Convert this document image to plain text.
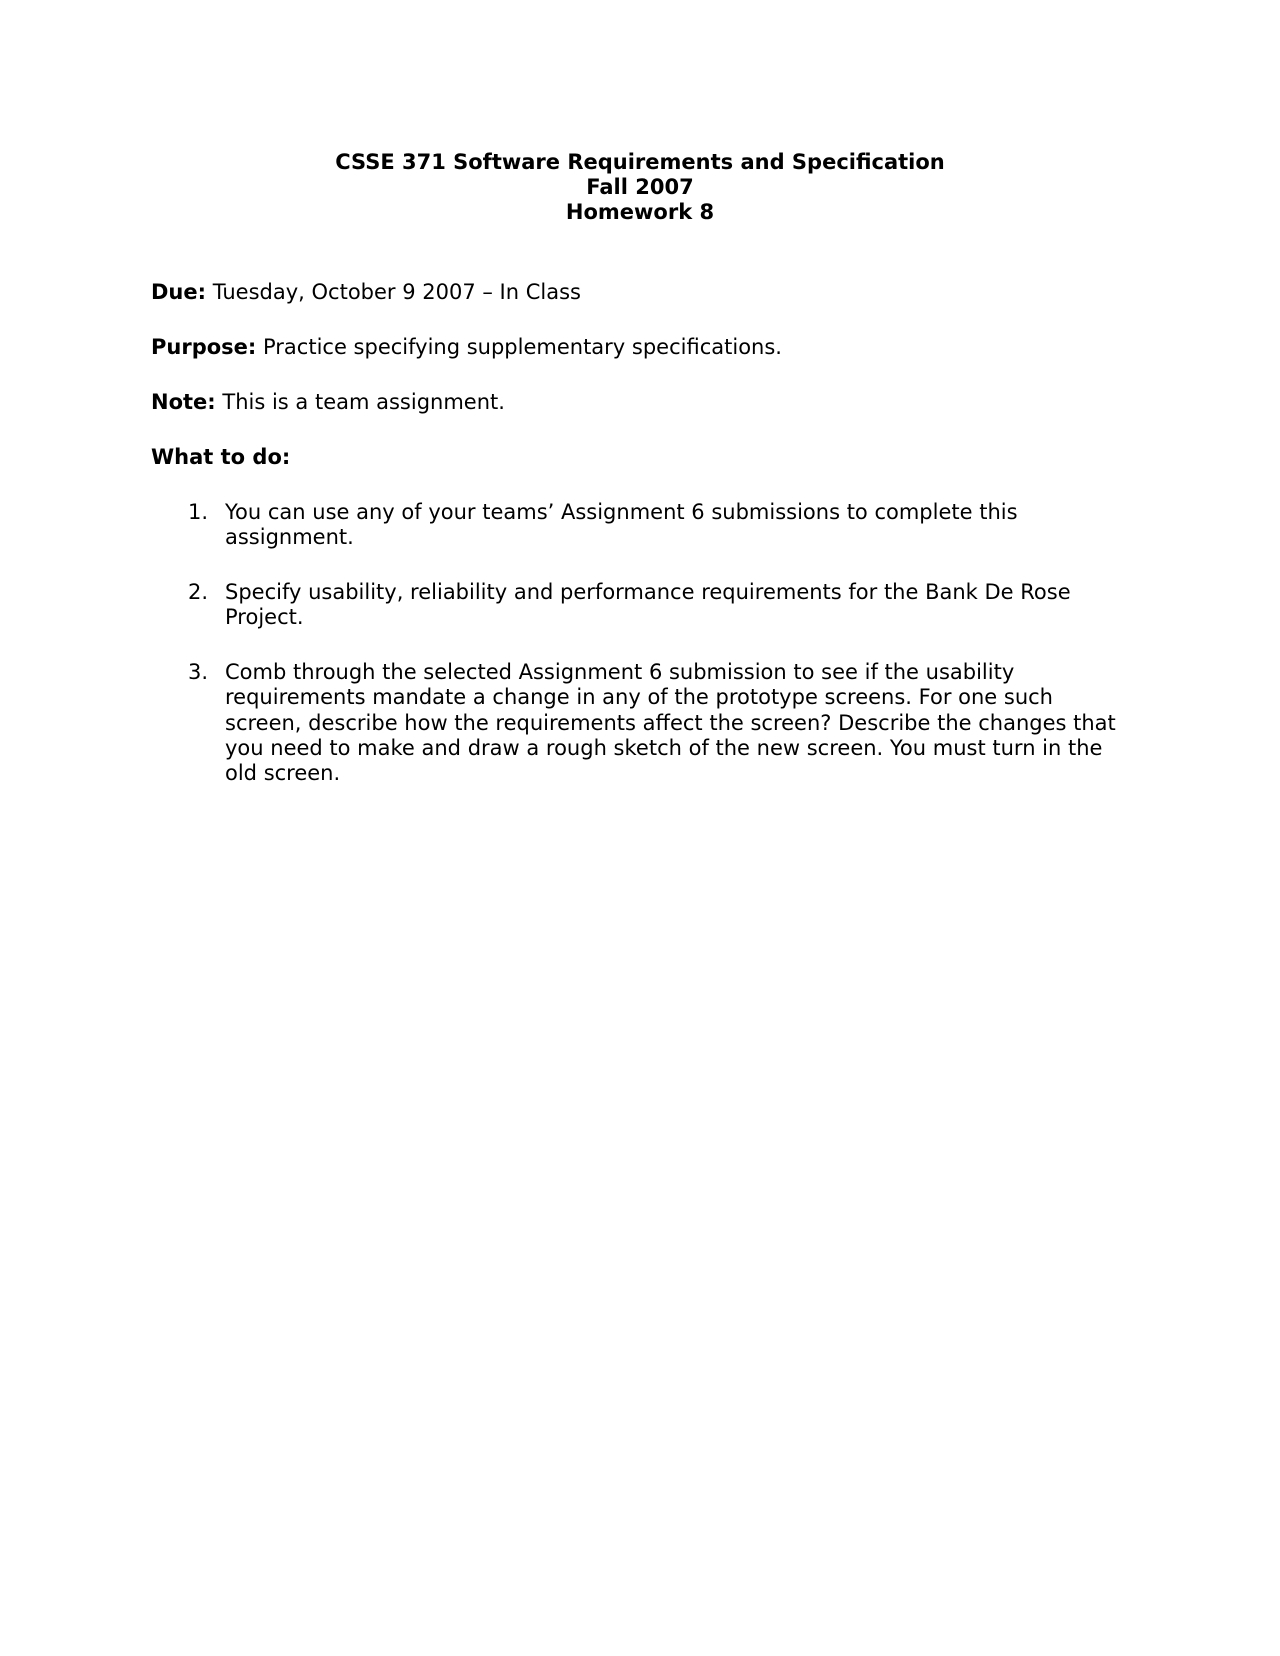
CSSE 371 Software Requirements and Specification
Fall 2007
Homework 8
Due: Tuesday, October 9 2007 – In Class
Purpose: Practice specifying supplementary specifications.
Note: This is a team assignment.
What to do:
1. You can use any of your teams’ Assignment 6 submissions to complete this assignment.
2. Specify usability, reliability and performance requirements for the Bank De Rose Project.
3. Comb through the selected Assignment 6 submission to see if the usability requirements mandate a change in any of the prototype screens. For one such screen, describe how the requirements affect the screen? Describe the changes that you need to make and draw a rough sketch of the new screen. You must turn in the old screen.
